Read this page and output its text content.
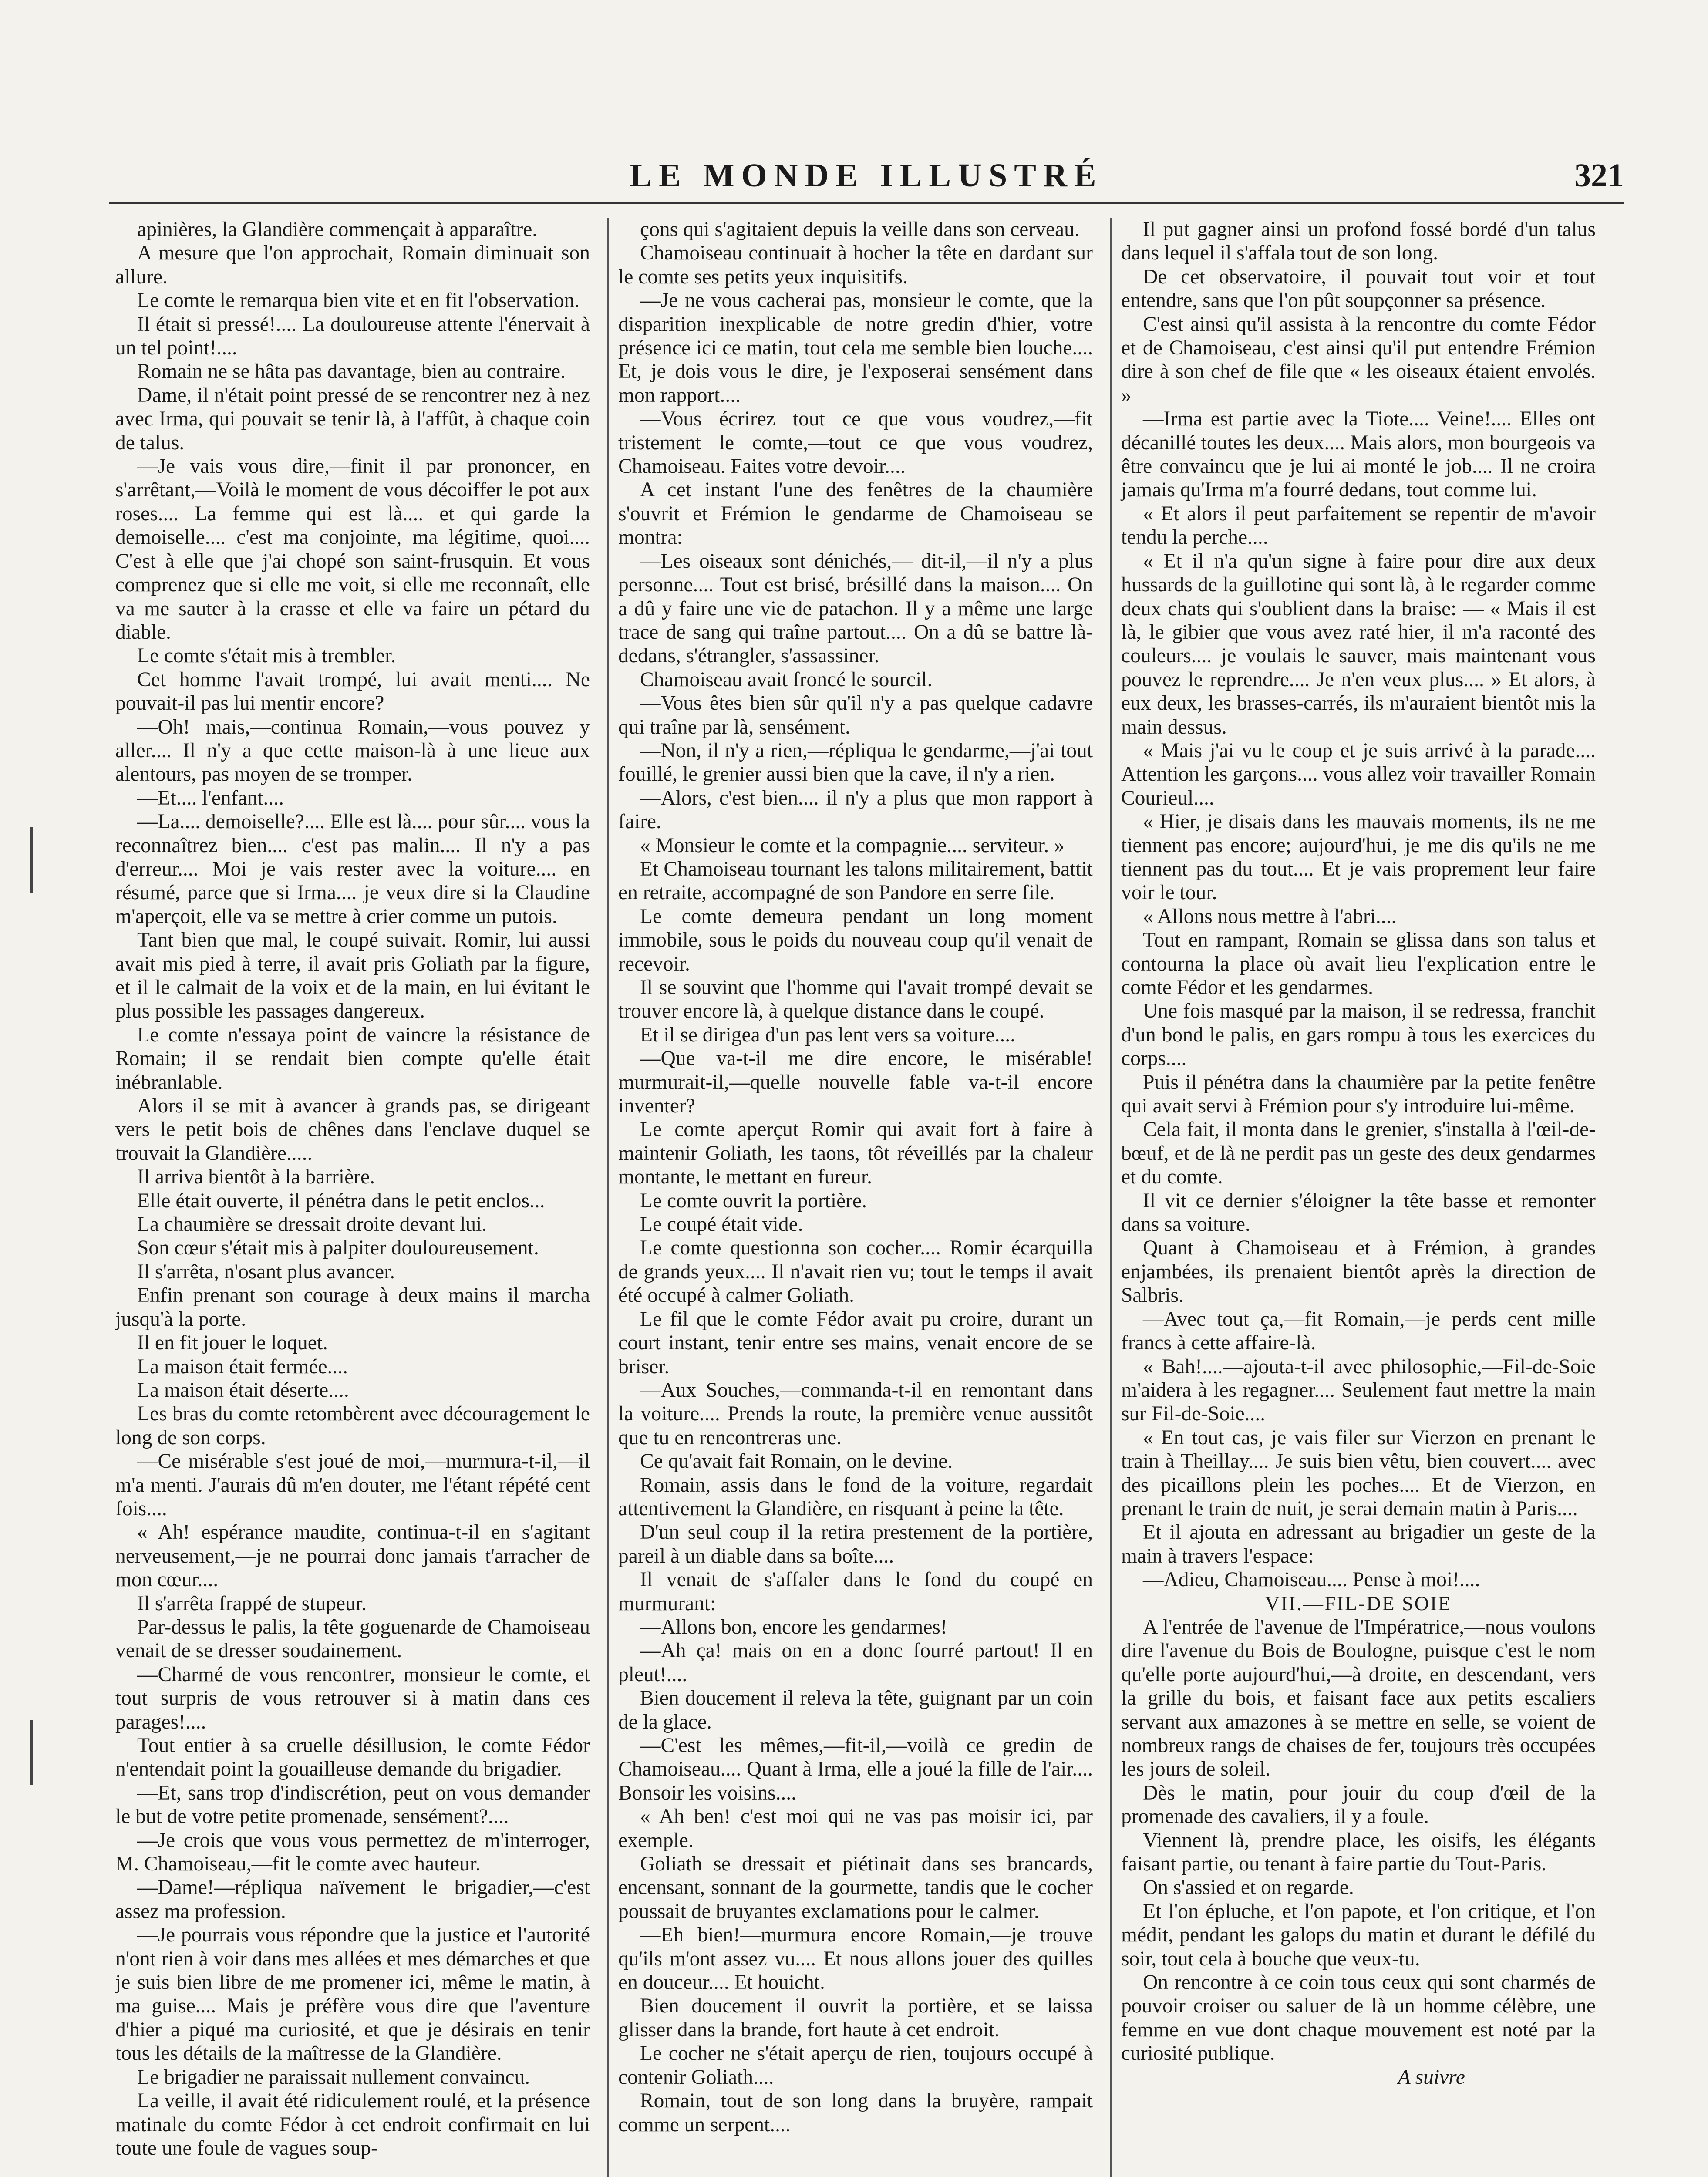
LE MONDE ILLUSTRÉ	321

apinières, la Glandière commençait à apparaître.

A mesure que l'on approchait, Romain diminuait son allure.

Le comte le remarqua bien vite et en fit l'observation.

Il était si pressé!.... La douloureuse attente l'énervait à un tel point!....

Romain ne se hâta pas davantage, bien au contraire.

Dame, il n'était point pressé de se rencontrer nez à nez avec Irma, qui pouvait se tenir là, à l'affût, à chaque coin de talus.

—Je vais vous dire,—finit il par prononcer, en s'arrêtant,—Voilà le moment de vous décoiffer le pot aux roses.... La femme qui est là.... et qui garde la demoiselle.... c'est ma conjointe, ma légitime, quoi.... C'est à elle que j'ai chopé son saint-frusquin. Et vous comprenez que si elle me voit, si elle me reconnaît, elle va me sauter à la crasse et elle va faire un pétard du diable.

Le comte s'était mis à trembler.

Cet homme l'avait trompé, lui avait menti.... Ne pouvait-il pas lui mentir encore?

—Oh! mais,—continua Romain,—vous pouvez y aller.... Il n'y a que cette maison-là à une lieue aux alentours, pas moyen de se tromper.

—Et.... l'enfant....

—La.... demoiselle?.... Elle est là.... pour sûr.... vous la reconnaîtrez bien.... c'est pas malin.... Il n'y a pas d'erreur.... Moi je vais rester avec la voiture.... en résumé, parce que si Irma.... je veux dire si la Claudine m'aperçoit, elle va se mettre à crier comme un putois.

Tant bien que mal, le coupé suivait. Romir, lui aussi avait mis pied à terre, il avait pris Goliath par la figure, et il le calmait de la voix et de la main, en lui évitant le plus possible les passages dangereux.

Le comte n'essaya point de vaincre la résistance de Romain; il se rendait bien compte qu'elle était inébranlable.

Alors il se mit à avancer à grands pas, se dirigeant vers le petit bois de chênes dans l'enclave duquel se trouvait la Glandière.....

Il arriva bientôt à la barrière.

Elle était ouverte, il pénétra dans le petit enclos...

La chaumière se dressait droite devant lui.

Son cœur s'était mis à palpiter douloureusement.

Il s'arrêta, n'osant plus avancer.

Enfin prenant son courage à deux mains il marcha jusqu'à la porte.

Il en fit jouer le loquet.

La maison était fermée....

La maison était déserte....

Les bras du comte retombèrent avec découragement le long de son corps.

—Ce misérable s'est joué de moi,—murmura-t-il,—il m'a menti. J'aurais dû m'en douter, me l'étant répété cent fois....

« Ah! espérance maudite, continua-t-il en s'agitant nerveusement,—je ne pourrai donc jamais t'arracher de mon cœur....

Il s'arrêta frappé de stupeur.

Par-dessus le palis, la tête goguenarde de Chamoiseau venait de se dresser soudainement.

—Charmé de vous rencontrer, monsieur le comte, et tout surpris de vous retrouver si à matin dans ces parages!....

Tout entier à sa cruelle désillusion, le comte Fédor n'entendait point la gouailleuse demande du brigadier.

—Et, sans trop d'indiscrétion, peut on vous demander le but de votre petite promenade, sensément?....

—Je crois que vous vous permettez de m'interroger, M. Chamoiseau,—fit le comte avec hauteur.

—Dame!—répliqua naïvement le brigadier,—c'est assez ma profession.

—Je pourrais vous répondre que la justice et l'autorité n'ont rien à voir dans mes allées et mes démarches et que je suis bien libre de me promener ici, même le matin, à ma guise.... Mais je préfère vous dire que l'aventure d'hier a piqué ma curiosité, et que je désirais en tenir tous les détails de la maîtresse de la Glandière.

Le brigadier ne paraissait nullement convaincu.

La veille, il avait été ridiculement roulé, et la présence matinale du comte Fédor à cet endroit confirmait en lui toute une foule de vagues soup-

çons qui s'agitaient depuis la veille dans son cerveau.

Chamoiseau continuait à hocher la tête en dardant sur le comte ses petits yeux inquisitifs.

—Je ne vous cacherai pas, monsieur le comte, que la disparition inexplicable de notre gredin d'hier, votre présence ici ce matin, tout cela me semble bien louche.... Et, je dois vous le dire, je l'exposerai sensément dans mon rapport....

—Vous écrirez tout ce que vous voudrez,—fit tristement le comte,—tout ce que vous voudrez, Chamoiseau. Faites votre devoir....

A cet instant l'une des fenêtres de la chaumière s'ouvrit et Frémion le gendarme de Chamoiseau se montra:

—Les oiseaux sont dénichés,— dit-il,—il n'y a plus personne.... Tout est brisé, brésillé dans la maison.... On a dû y faire une vie de patachon. Il y a même une large trace de sang qui traîne partout.... On a dû se battre là-dedans, s'étrangler, s'assassiner.

Chamoiseau avait froncé le sourcil.

—Vous êtes bien sûr qu'il n'y a pas quelque cadavre qui traîne par là, sensément.

—Non, il n'y a rien,—répliqua le gendarme,—j'ai tout fouillé, le grenier aussi bien que la cave, il n'y a rien.

—Alors, c'est bien.... il n'y a plus que mon rapport à faire.

« Monsieur le comte et la compagnie.... serviteur. »

Et Chamoiseau tournant les talons militairement, battit en retraite, accompagné de son Pandore en serre file.

Le comte demeura pendant un long moment immobile, sous le poids du nouveau coup qu'il venait de recevoir.

Il se souvint que l'homme qui l'avait trompé devait se trouver encore là, à quelque distance dans le coupé.

Et il se dirigea d'un pas lent vers sa voiture....

—Que va-t-il me dire encore, le misérable! murmurait-il,—quelle nouvelle fable va-t-il encore inventer?

Le comte aperçut Romir qui avait fort à faire à maintenir Goliath, les taons, tôt réveillés par la chaleur montante, le mettant en fureur.

Le comte ouvrit la portière.

Le coupé était vide.

Le comte questionna son cocher.... Romir écarquilla de grands yeux.... Il n'avait rien vu; tout le temps il avait été occupé à calmer Goliath.

Le fil que le comte Fédor avait pu croire, durant un court instant, tenir entre ses mains, venait encore de se briser.

—Aux Souches,—commanda-t-il en remontant dans la voiture.... Prends la route, la première venue aussitôt que tu en rencontreras une.

Ce qu'avait fait Romain, on le devine.

Romain, assis dans le fond de la voiture, regardait attentivement la Glandière, en risquant à peine la tête.

D'un seul coup il la retira prestement de la portière, pareil à un diable dans sa boîte....

Il venait de s'affaler dans le fond du coupé en murmurant:

—Allons bon, encore les gendarmes!

—Ah ça! mais on en a donc fourré partout! Il en pleut!....

Bien doucement il releva la tête, guignant par un coin de la glace.

—C'est les mêmes,—fit-il,—voilà ce gredin de Chamoiseau.... Quant à Irma, elle a joué la fille de l'air.... Bonsoir les voisins....

« Ah ben! c'est moi qui ne vas pas moisir ici, par exemple.

Goliath se dressait et piétinait dans ses brancards, encensant, sonnant de la gourmette, tandis que le cocher poussait de bruyantes exclamations pour le calmer.

—Eh bien!—murmura encore Romain,—je trouve qu'ils m'ont assez vu.... Et nous allons jouer des quilles en douceur.... Et houicht.

Bien doucement il ouvrit la portière, et se laissa glisser dans la brande, fort haute à cet endroit.

Le cocher ne s'était aperçu de rien, toujours occupé à contenir Goliath....

Romain, tout de son long dans la bruyère, rampait comme un serpent....

Il put gagner ainsi un profond fossé bordé d'un talus dans lequel il s'affala tout de son long.

De cet observatoire, il pouvait tout voir et tout entendre, sans que l'on pût soupçonner sa présence.

C'est ainsi qu'il assista à la rencontre du comte Fédor et de Chamoiseau, c'est ainsi qu'il put entendre Frémion dire à son chef de file que « les oiseaux étaient envolés. »

—Irma est partie avec la Tiote.... Veine!.... Elles ont décanillé toutes les deux.... Mais alors, mon bourgeois va être convaincu que je lui ai monté le job.... Il ne croira jamais qu'Irma m'a fourré dedans, tout comme lui.

« Et alors il peut parfaitement se repentir de m'avoir tendu la perche....

« Et il n'a qu'un signe à faire pour dire aux deux hussards de la guillotine qui sont là, à le regarder comme deux chats qui s'oublient dans la braise: — « Mais il est là, le gibier que vous avez raté hier, il m'a raconté des couleurs.... je voulais le sauver, mais maintenant vous pouvez le reprendre.... Je n'en veux plus.... » Et alors, à eux deux, les brasses-carrés, ils m'auraient bientôt mis la main dessus.

« Mais j'ai vu le coup et je suis arrivé à la parade.... Attention les garçons.... vous allez voir travailler Romain Courieul....

« Hier, je disais dans les mauvais moments, ils ne me tiennent pas encore; aujourd'hui, je me dis qu'ils ne me tiennent pas du tout.... Et je vais proprement leur faire voir le tour.

« Allons nous mettre à l'abri....

Tout en rampant, Romain se glissa dans son talus et contourna la place où avait lieu l'explication entre le comte Fédor et les gendarmes.

Une fois masqué par la maison, il se redressa, franchit d'un bond le palis, en gars rompu à tous les exercices du corps....

Puis il pénétra dans la chaumière par la petite fenêtre qui avait servi à Frémion pour s'y introduire lui-même.

Cela fait, il monta dans le grenier, s'installa à l'œil-de-bœuf, et de là ne perdit pas un geste des deux gendarmes et du comte.

Il vit ce dernier s'éloigner la tête basse et remonter dans sa voiture.

Quant à Chamoiseau et à Frémion, à grandes enjambées, ils prenaient bientôt après la direction de Salbris.

—Avec tout ça,—fit Romain,—je perds cent mille francs à cette affaire-là.

« Bah!....—ajouta-t-il avec philosophie,—Fil-de-Soie m'aidera à les regagner.... Seulement faut mettre la main sur Fil-de-Soie....

« En tout cas, je vais filer sur Vierzon en prenant le train à Theillay.... Je suis bien vêtu, bien couvert.... avec des picaillons plein les poches.... Et de Vierzon, en prenant le train de nuit, je serai demain matin à Paris....

Et il ajouta en adressant au brigadier un geste de la main à travers l'espace:

—Adieu, Chamoiseau.... Pense à moi!....

VII.—FIL-DE SOIE

A l'entrée de l'avenue de l'Impératrice,—nous voulons dire l'avenue du Bois de Boulogne, puisque c'est le nom qu'elle porte aujourd'hui,—à droite, en descendant, vers la grille du bois, et faisant face aux petits escaliers servant aux amazones à se mettre en selle, se voient de nombreux rangs de chaises de fer, toujours très occupées les jours de soleil.

Dès le matin, pour jouir du coup d'œil de la promenade des cavaliers, il y a foule.

Viennent là, prendre place, les oisifs, les élégants faisant partie, ou tenant à faire partie du Tout-Paris.

On s'assied et on regarde.

Et l'on épluche, et l'on papote, et l'on critique, et l'on médit, pendant les galops du matin et durant le défilé du soir, tout cela à bouche que veux-tu.

On rencontre à ce coin tous ceux qui sont charmés de pouvoir croiser ou saluer de là un homme célèbre, une femme en vue dont chaque mouvement est noté par la curiosité publique.

A suivre
